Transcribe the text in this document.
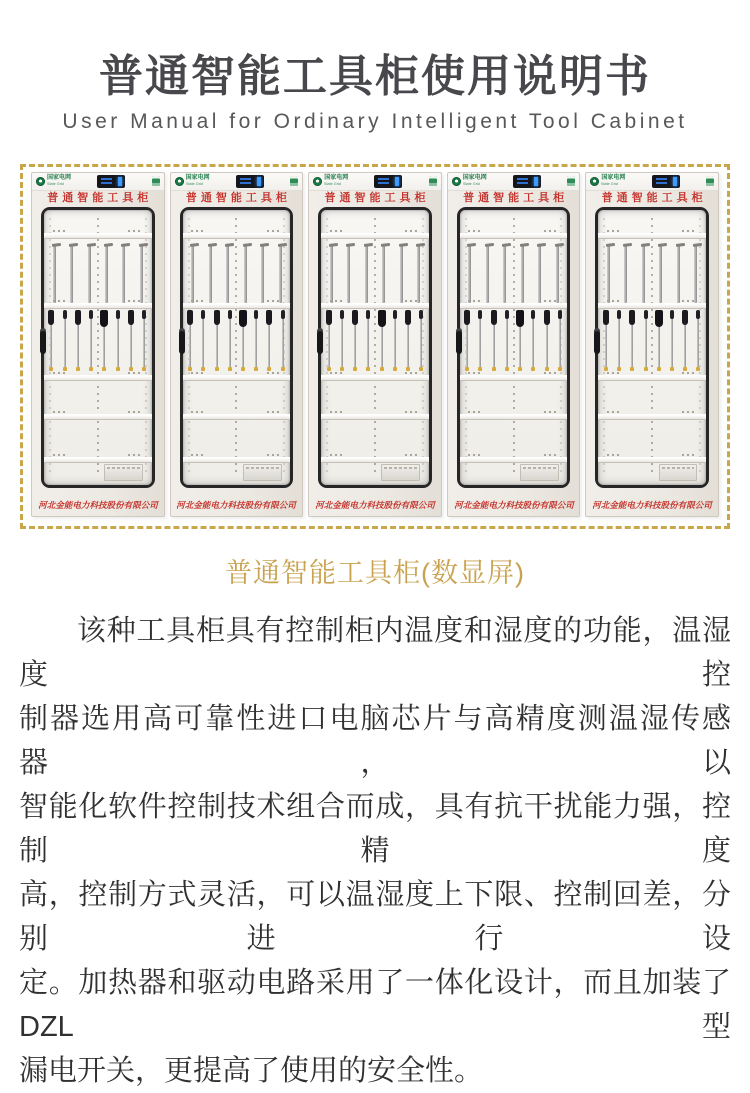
普通智能工具柜使用说明书
User Manual for Ordinary Intelligent Tool Cabinet
国家电网
State Grid
普通智能工具柜
河北金能电力科技股份有限公司
国家电网
State Grid
普通智能工具柜
河北金能电力科技股份有限公司
国家电网
State Grid
普通智能工具柜
河北金能电力科技股份有限公司
国家电网
State Grid
普通智能工具柜
河北金能电力科技股份有限公司
国家电网
State Grid
普通智能工具柜
河北金能电力科技股份有限公司
普通智能工具柜(数显屏)
该种工具柜具有控制柜内温度和湿度的功能，温湿度控
制器选用高可靠性进口电脑芯片与高精度测温湿传感器，以
智能化软件控制技术组合而成，具有抗干扰能力强，控制精度
高，控制方式灵活，可以温湿度上下限、控制回差，分别进行设
定。加热器和驱动电路采用了一体化设计，而且加装了DZL型
漏电开关，更提高了使用的安全性。
